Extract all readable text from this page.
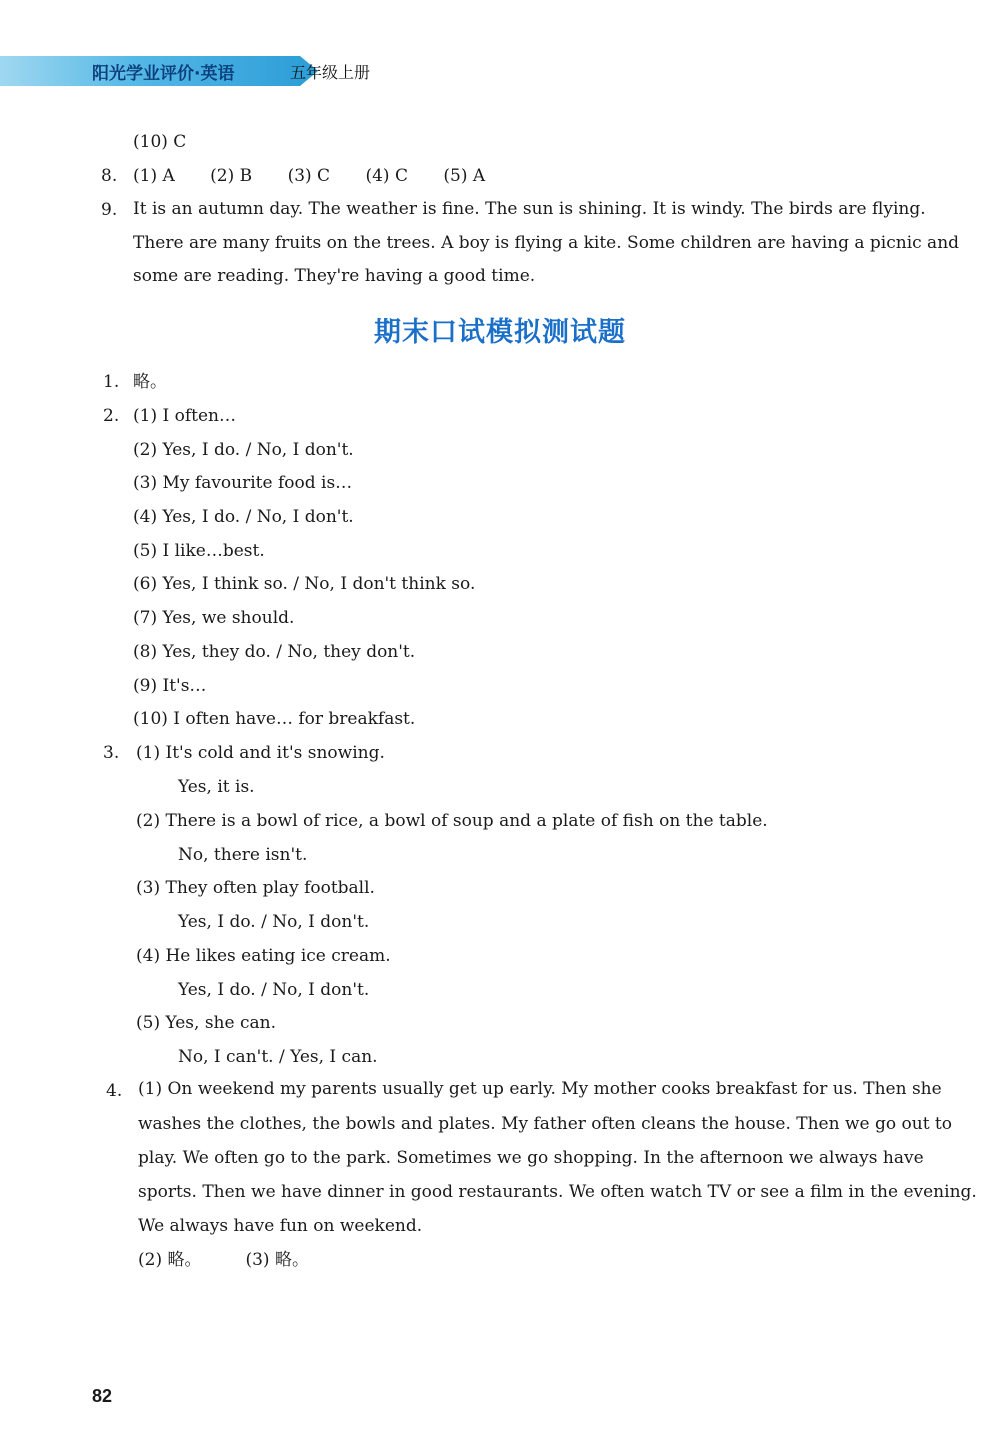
阳光学业评价·英语	五年级上册
(10) C
8. (1) A (2) B (3) C (4) C (5) A
9. It is an autumn day. The weather is fine. The sun is shining. It is windy. The birds are flying.
There are many fruits on the trees. A boy is flying a kite. Some children are having a picnic and
some are reading. They're having a good time.
期末口试模拟测试题
1. 略。
2. (1) I often…
(2) Yes, I do. / No, I don't.
(3) My favourite food is…
(4) Yes, I do. / No, I don't.
(5) I like…best.
(6) Yes, I think so. / No, I don't think so.
(7) Yes, we should.
(8) Yes, they do. / No, they don't.
(9) It's…
(10) I often have… for breakfast.
3. (1) It's cold and it's snowing.
Yes, it is.
(2) There is a bowl of rice, a bowl of soup and a plate of fish on the table.
No, there isn't.
(3) They often play football.
Yes, I do. / No, I don't.
(4) He likes eating ice cream.
Yes, I do. / No, I don't.
(5) Yes, she can.
No, I can't. / Yes, I can.
4. (1) On weekend my parents usually get up early. My mother cooks breakfast for us. Then she
washes the clothes, the bowls and plates. My father often cleans the house. Then we go out to
play. We often go to the park. Sometimes we go shopping. In the afternoon we always have
sports. Then we have dinner in good restaurants. We often watch TV or see a film in the evening.
We always have fun on weekend.
(2) 略。	(3) 略。
82
